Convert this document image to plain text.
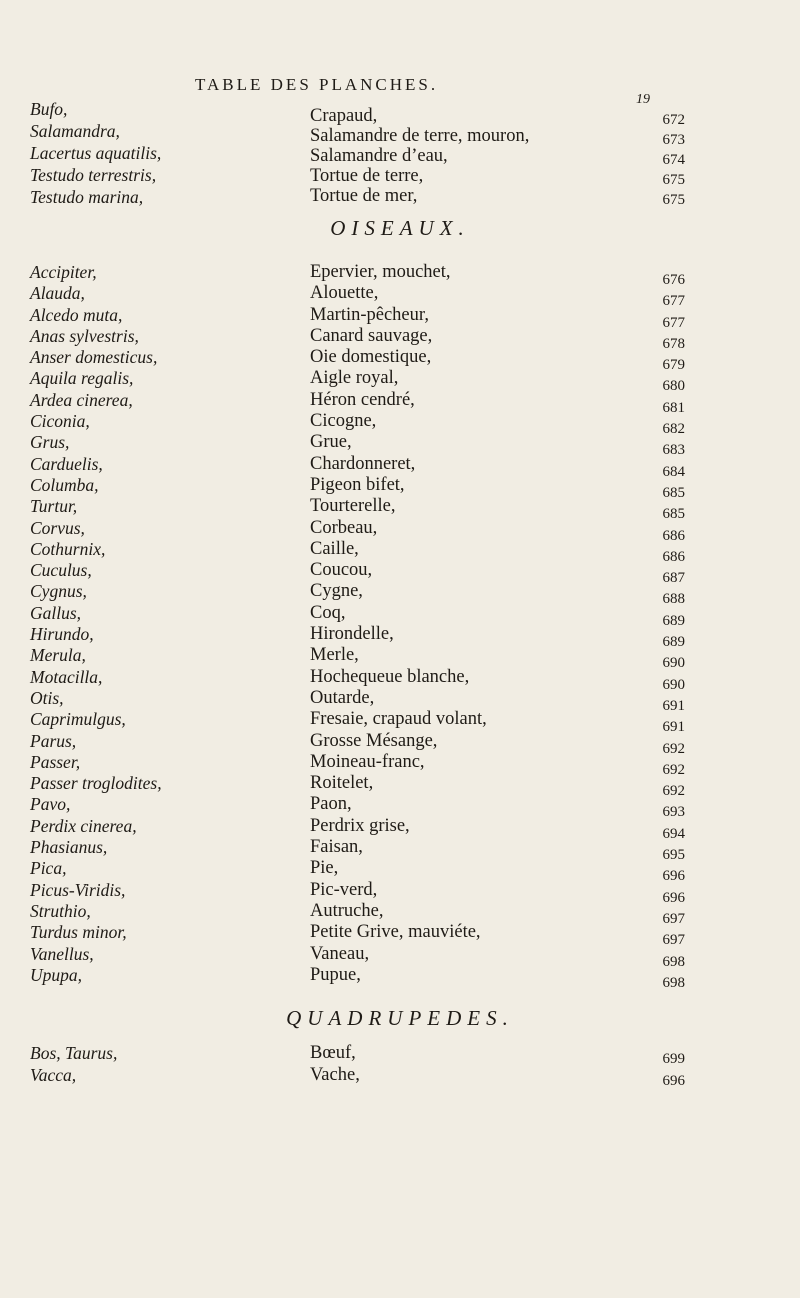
TABLE DES PLANCHES.
19
Bufo,
Salamandra,
Lacertus aquatilis,
Testudo terrestris,
Testudo marina,
Crapaud,
Salamandre de terre, mouron,
Salamandre d’eau,
Tortue de terre,
Tortue de mer,
672
673
674
675
675
OISEAUX.
Accipiter,
Alauda,
Alcedo muta,
Anas sylvestris,
Anser domesticus,
Aquila regalis,
Ardea cinerea,
Ciconia,
Grus,
Carduelis,
Columba,
Turtur,
Corvus,
Cothurnix,
Cuculus,
Cygnus,
Gallus,
Hirundo,
Merula,
Motacilla,
Otis,
Caprimulgus,
Parus,
Passer,
Passer troglodites,
Pavo,
Perdix cinerea,
Phasianus,
Pica,
Picus-Viridis,
Struthio,
Turdus minor,
Vanellus,
Upupa,
Epervier, mouchet,
Alouette,
Martin-pêcheur,
Canard sauvage,
Oie domestique,
Aigle royal,
Héron cendré,
Cicogne,
Grue,
Chardonneret,
Pigeon bifet,
Tourterelle,
Corbeau,
Caille,
Coucou,
Cygne,
Coq,
Hirondelle,
Merle,
Hochequeue blanche,
Outarde,
Fresaie, crapaud volant,
Grosse Mésange,
Moineau-franc,
Roitelet,
Paon,
Perdrix grise,
Faisan,
Pie,
Pic-verd,
Autruche,
Petite Grive, mauviéte,
Vaneau,
Pupue,
676
677
677
678
679
680
681
682
683
684
685
685
686
686
687
688
689
689
690
690
691
691
692
692
692
693
694
695
696
696
697
697
698
698
QUADRUPEDES.
Bos, Taurus,
Vacca,
Bœuf,
Vache,
699
696
